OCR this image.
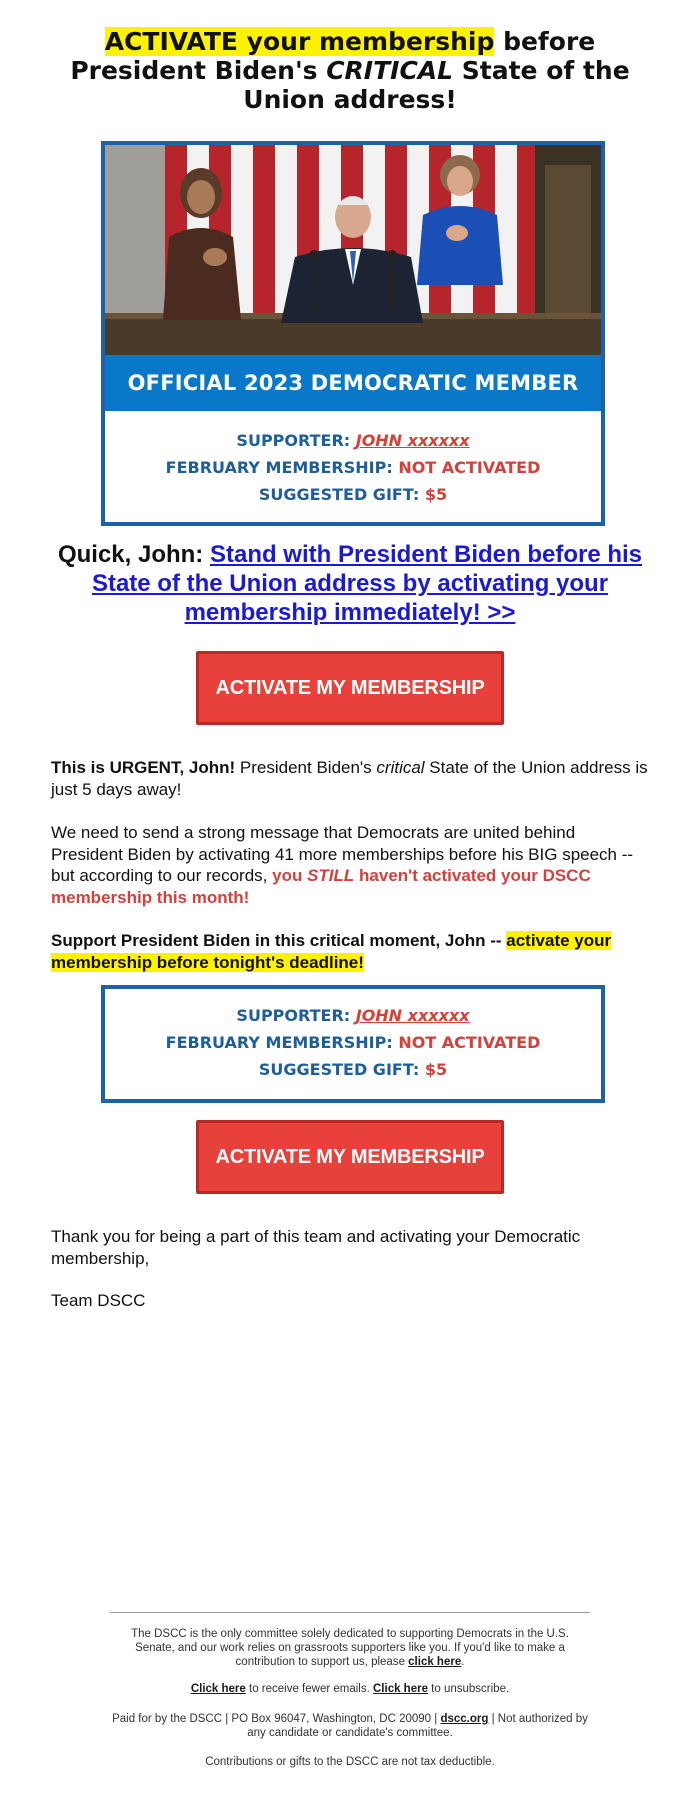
ACTIVATE your membership before President Biden's CRITICAL State of the Union address!
OFFICIAL 2023 DEMOCRATIC MEMBER
SUPPORTER: JOHN xxxxxx
FEBRUARY MEMBERSHIP: NOT ACTIVATED
SUGGESTED GIFT: $5
Quick, John: Stand with President Biden before his State of the Union address by activating your membership immediately! >>
ACTIVATE MY MEMBERSHIP

This is URGENT, John! President Biden's critical State of the Union address is just 5 days away!

We need to send a strong message that Democrats are united behind President Biden by activating 41 more memberships before his BIG speech -- but according to our records, you STILL haven't activated your DSCC membership this month!

Support President Biden in this critical moment, John -- activate your membership before tonight's deadline!

SUPPORTER: JOHN xxxxxx
FEBRUARY MEMBERSHIP: NOT ACTIVATED
SUGGESTED GIFT: $5
ACTIVATE MY MEMBERSHIP

Thank you for being a part of this team and activating your Democratic membership,

Team DSCC

The DSCC is the only committee solely dedicated to supporting Democrats in the U.S. Senate, and our work relies on grassroots supporters like you. If you'd like to make a contribution to support us, please click here.

Click here to receive fewer emails. Click here to unsubscribe.

Paid for by the DSCC | PO Box 96047, Washington, DC 20090 | dscc.org | Not authorized by any candidate or candidate's committee.

Contributions or gifts to the DSCC are not tax deductible.
